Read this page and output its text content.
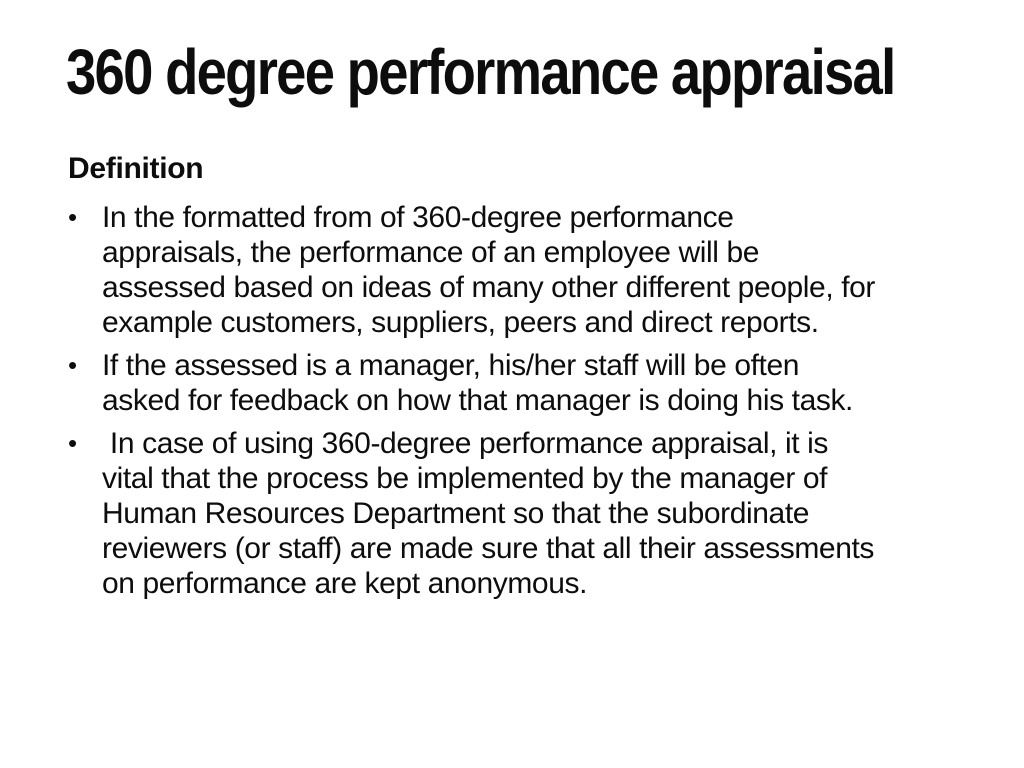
360 degree performance appraisal
Definition
• In the formatted from of 360-degree performance
appraisals, the performance of an employee will be
assessed based on ideas of many other different people, for
example customers, suppliers, peers and direct reports.
• If the assessed is a manager, his/her staff will be often
asked for feedback on how that manager is doing his task.
• In case of using 360-degree performance appraisal, it is
vital that the process be implemented by the manager of
Human Resources Department so that the subordinate
reviewers (or staff) are made sure that all their assessments
on performance are kept anonymous.
